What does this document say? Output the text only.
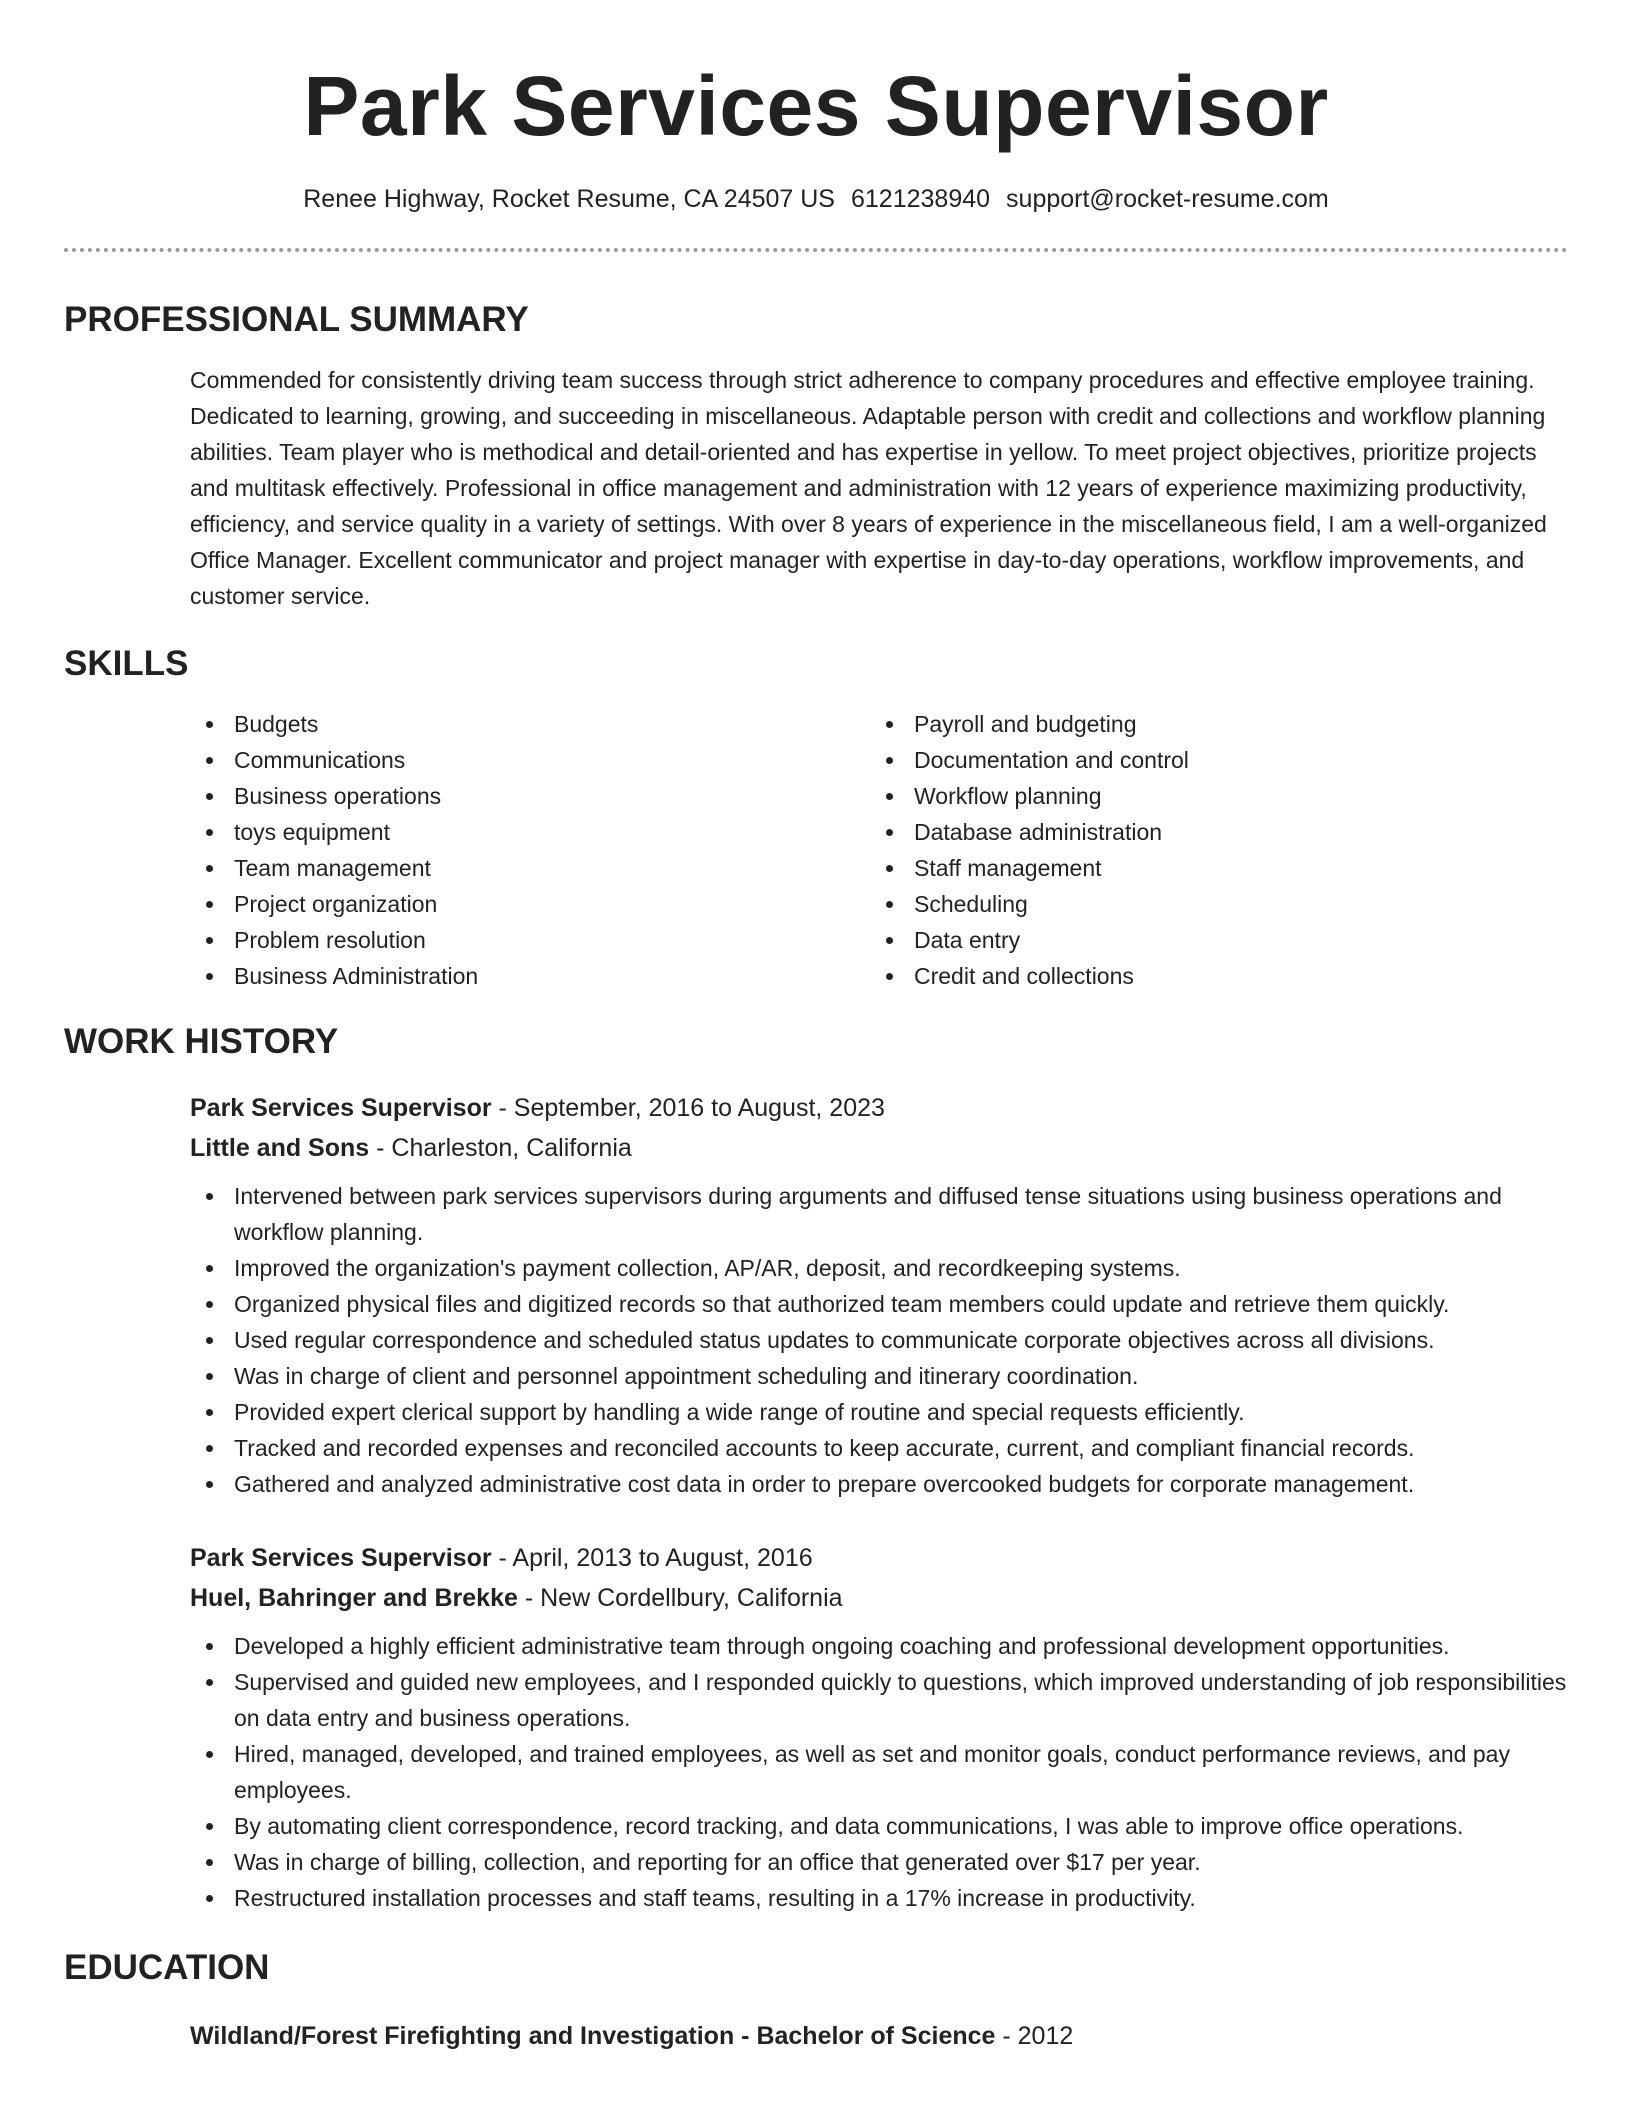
Park Services Supervisor
Renee Highway, Rocket Resume, CA 24507 US 6121238940 support@rocket-resume.com
PROFESSIONAL SUMMARY
Commended for consistently driving team success through strict adherence to company procedures and effective employee training. Dedicated to learning, growing, and succeeding in miscellaneous. Adaptable person with credit and collections and workflow planning abilities. Team player who is methodical and detail-oriented and has expertise in yellow. To meet project objectives, prioritize projects and multitask effectively. Professional in office management and administration with 12 years of experience maximizing productivity, efficiency, and service quality in a variety of settings. With over 8 years of experience in the miscellaneous field, I am a well-organized Office Manager. Excellent communicator and project manager with expertise in day-to-day operations, workflow improvements, and customer service.
SKILLS
Budgets
Communications
Business operations
toys equipment
Team management
Project organization
Problem resolution
Business Administration
Payroll and budgeting
Documentation and control
Workflow planning
Database administration
Staff management
Scheduling
Data entry
Credit and collections
WORK HISTORY
Park Services Supervisor - September, 2016 to August, 2023
Little and Sons - Charleston, California
Intervened between park services supervisors during arguments and diffused tense situations using business operations and workflow planning.
Improved the organization's payment collection, AP/AR, deposit, and recordkeeping systems.
Organized physical files and digitized records so that authorized team members could update and retrieve them quickly.
Used regular correspondence and scheduled status updates to communicate corporate objectives across all divisions.
Was in charge of client and personnel appointment scheduling and itinerary coordination.
Provided expert clerical support by handling a wide range of routine and special requests efficiently.
Tracked and recorded expenses and reconciled accounts to keep accurate, current, and compliant financial records.
Gathered and analyzed administrative cost data in order to prepare overcooked budgets for corporate management.
Park Services Supervisor - April, 2013 to August, 2016
Huel, Bahringer and Brekke - New Cordellbury, California
Developed a highly efficient administrative team through ongoing coaching and professional development opportunities.
Supervised and guided new employees, and I responded quickly to questions, which improved understanding of job responsibilities on data entry and business operations.
Hired, managed, developed, and trained employees, as well as set and monitor goals, conduct performance reviews, and pay employees.
By automating client correspondence, record tracking, and data communications, I was able to improve office operations.
Was in charge of billing, collection, and reporting for an office that generated over $17 per year.
Restructured installation processes and staff teams, resulting in a 17% increase in productivity.
EDUCATION
Wildland/Forest Firefighting and Investigation - Bachelor of Science - 2012
